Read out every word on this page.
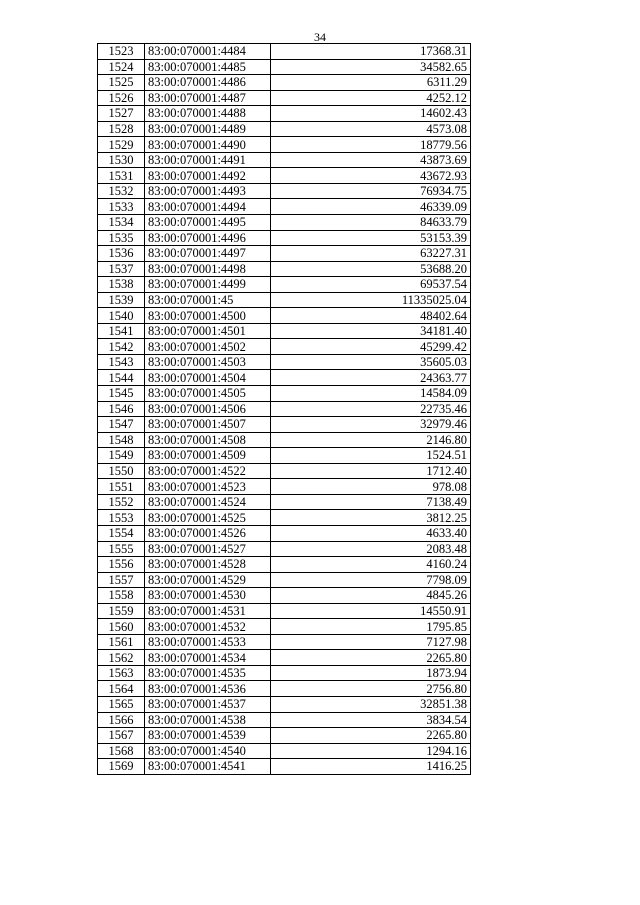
34
1523	83:00:070001:4484	17368.31
1524	83:00:070001:4485	34582.65
1525	83:00:070001:4486	6311.29
1526	83:00:070001:4487	4252.12
1527	83:00:070001:4488	14602.43
1528	83:00:070001:4489	4573.08
1529	83:00:070001:4490	18779.56
1530	83:00:070001:4491	43873.69
1531	83:00:070001:4492	43672.93
1532	83:00:070001:4493	76934.75
1533	83:00:070001:4494	46339.09
1534	83:00:070001:4495	84633.79
1535	83:00:070001:4496	53153.39
1536	83:00:070001:4497	63227.31
1537	83:00:070001:4498	53688.20
1538	83:00:070001:4499	69537.54
1539	83:00:070001:45	11335025.04
1540	83:00:070001:4500	48402.64
1541	83:00:070001:4501	34181.40
1542	83:00:070001:4502	45299.42
1543	83:00:070001:4503	35605.03
1544	83:00:070001:4504	24363.77
1545	83:00:070001:4505	14584.09
1546	83:00:070001:4506	22735.46
1547	83:00:070001:4507	32979.46
1548	83:00:070001:4508	2146.80
1549	83:00:070001:4509	1524.51
1550	83:00:070001:4522	1712.40
1551	83:00:070001:4523	978.08
1552	83:00:070001:4524	7138.49
1553	83:00:070001:4525	3812.25
1554	83:00:070001:4526	4633.40
1555	83:00:070001:4527	2083.48
1556	83:00:070001:4528	4160.24
1557	83:00:070001:4529	7798.09
1558	83:00:070001:4530	4845.26
1559	83:00:070001:4531	14550.91
1560	83:00:070001:4532	1795.85
1561	83:00:070001:4533	7127.98
1562	83:00:070001:4534	2265.80
1563	83:00:070001:4535	1873.94
1564	83:00:070001:4536	2756.80
1565	83:00:070001:4537	32851.38
1566	83:00:070001:4538	3834.54
1567	83:00:070001:4539	2265.80
1568	83:00:070001:4540	1294.16
1569	83:00:070001:4541	1416.25
